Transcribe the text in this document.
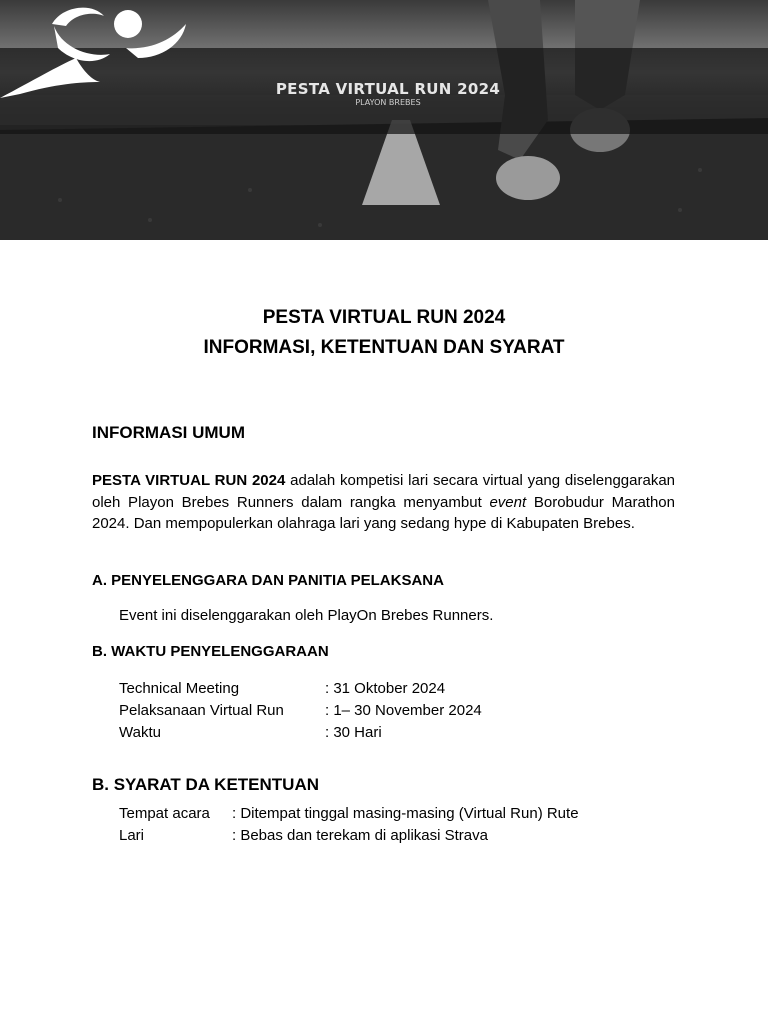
PESTA VIRTUAL RUN 2024
PLAYON BREBES
PESTA VIRTUAL RUN 2024
INFORMASI, KETENTUAN DAN SYARAT
INFORMASI UMUM
PESTA VIRTUAL RUN 2024 adalah kompetisi lari secara virtual yang diselenggarakan oleh Playon Brebes Runners dalam rangka menyambut event Borobudur Marathon 2024. Dan mempopulerkan olahraga lari yang sedang hype di Kabupaten Brebes.
A. PENYELENGGARA DAN PANITIA PELAKSANA
Event ini diselenggarakan oleh PlayOn Brebes Runners.
B. WAKTU PENYELENGGARAAN
Technical Meeting	: 31 Oktober 2024
Pelaksanaan Virtual Run	: 1– 30 November 2024
Waktu	: 30 Hari
B. SYARAT DA KETENTUAN
Tempat acara : Ditempat tinggal masing-masing (Virtual Run) Rute
Lari	: Bebas dan terekam di aplikasi Strava
